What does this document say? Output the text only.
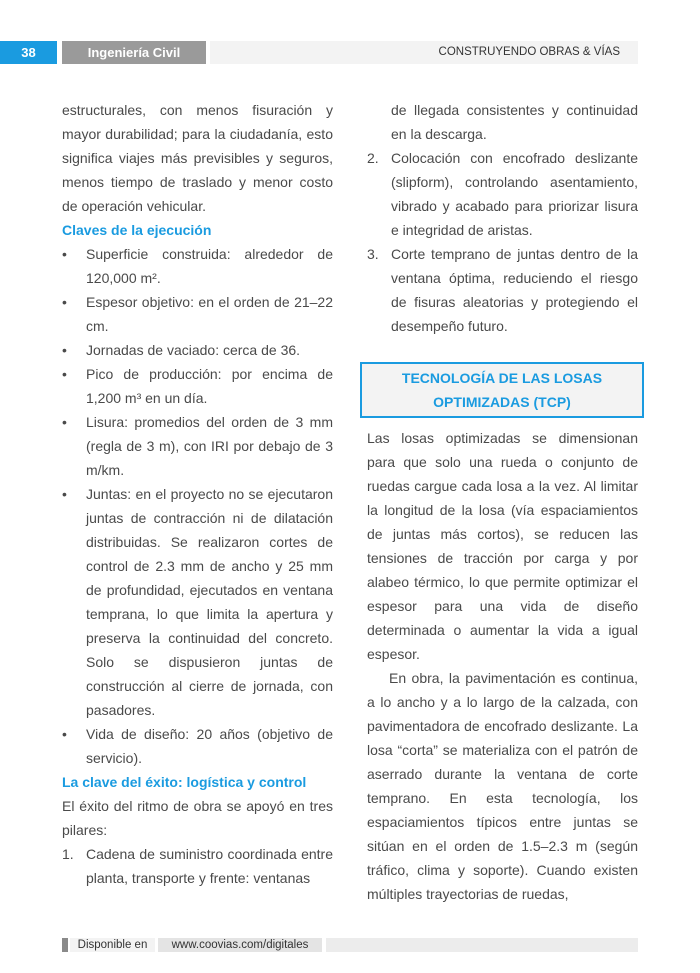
38	Ingeniería Civil	CONSTRUYENDO OBRAS & VÍAS

estructurales, con menos fisuración y mayor durabilidad; para la ciudadanía, esto significa viajes más previsibles y seguros, menos tiempo de traslado y menor costo de operación vehicular.

Claves de la ejecución
• Superficie construida: alrededor de 120,000 m².
• Espesor objetivo: en el orden de 21–22 cm.
• Jornadas de vaciado: cerca de 36.
• Pico de producción: por encima de 1,200 m³ en un día.
• Lisura: promedios del orden de 3 mm (regla de 3 m), con IRI por debajo de 3 m/km.
• Juntas: en el proyecto no se ejecutaron juntas de contracción ni de dilatación distribuidas. Se realizaron cortes de control de 2.3 mm de ancho y 25 mm de profundidad, ejecutados en ventana temprana, lo que limita la apertura y preserva la continuidad del concreto. Solo se dispusieron juntas de construcción al cierre de jornada, con pasadores.
• Vida de diseño: 20 años (objetivo de servicio).
La clave del éxito: logística y control

El éxito del ritmo de obra se apoyó en tres pilares:

1. Cadena de suministro coordinada entre planta, transporte y frente: ventanas
de llegada consistentes y continuidad en la descarga.
2. Colocación con encofrado deslizante (slipform), controlando asentamiento, vibrado y acabado para priorizar lisura e integridad de aristas.
3. Corte temprano de juntas dentro de la ventana óptima, reduciendo el riesgo de fisuras aleatorias y protegiendo el desempeño futuro.
TECNOLOGÍA DE LAS LOSAS
OPTIMIZADAS (TCP)

Las losas optimizadas se dimensionan para que solo una rueda o conjunto de ruedas cargue cada losa a la vez. Al limitar la longitud de la losa (vía espaciamientos de juntas más cortos), se reducen las tensiones de tracción por carga y por alabeo térmico, lo que permite optimizar el espesor para una vida de diseño determinada o aumentar la vida a igual espesor.

En obra, la pavimentación es continua, a lo ancho y a lo largo de la calzada, con pavimentadora de encofrado deslizante. La losa “corta” se materializa con el patrón de aserrado durante la ventana de corte temprano. En esta tecnología, los espaciamientos típicos entre juntas se sitúan en el orden de 1.5–2.3 m (según tráfico, clima y soporte). Cuando existen múltiples trayectorias de ruedas,

Disponible en	www.coovias.com/digitales
